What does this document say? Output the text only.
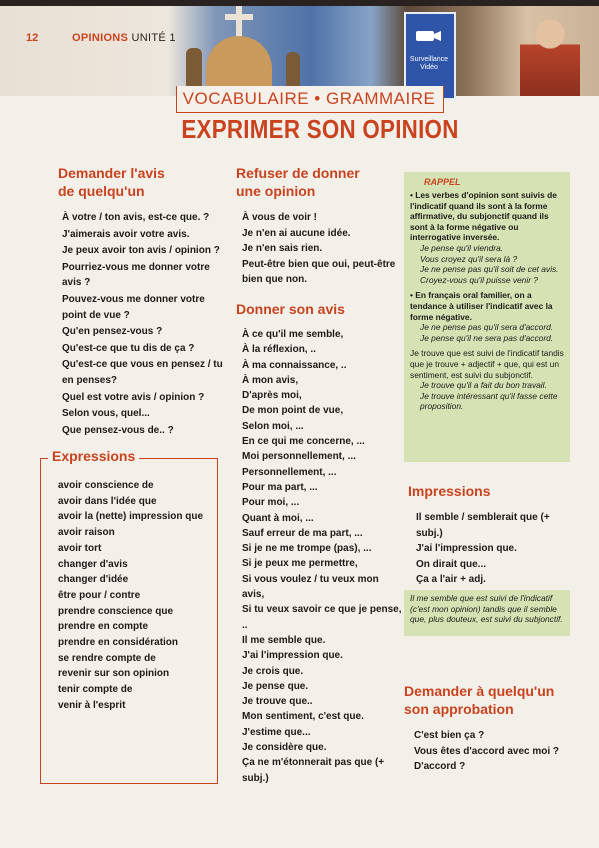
Surveillance
Vidéo
12	OPINIONS UNITÉ 1
VOCABULAIRE • GRAMMAIRE
EXPRIMER SON OPINION
Demander l'avis
de quelqu'un
À votre / ton avis, est-ce que. ?
J'aimerais avoir votre avis.
Je peux avoir ton avis / opinion ?
Pourriez-vous me donner votre avis ?
Pouvez-vous me donner votre point de vue ?
Qu'en pensez-vous ?
Qu'est-ce que tu dis de ça ?
Qu'est-ce que vous en pensez / tu en penses?
Quel est votre avis / opinion ?
Selon vous, quel...
Que pensez-vous de.. ?
Expressions
avoir conscience de
avoir dans l'idée que
avoir la (nette) impression que
avoir raison
avoir tort
changer d'avis
changer d'idée
être pour / contre
prendre conscience que
prendre en compte
prendre en considération
se rendre compte de
revenir sur son opinion
tenir compte de
venir à l'esprit
Refuser de donner
une opinion
À vous de voir !
Je n'en ai aucune idée.
Je n'en sais rien.
Peut-être bien que oui, peut-être bien que non.
Donner son avis
À ce qu'il me semble,
À la réflexion, ..
À ma connaissance, ..
À mon avis,
D'après moi,
De mon point de vue,
Selon moi, ...
En ce qui me concerne, ...
Moi personnellement, ...
Personnellement, ...
Pour ma part, ...
Pour moi, ...
Quant à moi, ...
Sauf erreur de ma part, ...
Si je ne me trompe (pas), ...
Si je peux me permettre,
Si vous voulez / tu veux mon avis,
Si tu veux savoir ce que je pense, ..
Il me semble que.
J'ai l'impression que.
Je crois que.
Je pense que.
Je trouve que..
Mon sentiment, c'est que.
J'estime que...
Je considère que.
Ça ne m'étonnerait pas que (+ subj.)
RAPPEL
• Les verbes d'opinion sont suivis de l'indicatif quand ils sont à la forme affirmative, du subjonctif quand ils sont à la forme négative ou interrogative inversée.
Je pense qu'il viendra.
Vous croyez qu'il sera là ?
Je ne pense pas qu'il soit de cet avis.
Croyez-vous qu'il puisse venir ?
• En français oral familier, on a tendance à utiliser l'indicatif avec la forme négative.
Je ne pense pas qu'il sera d'accord.
Je pense qu'il ne sera pas d'accord.
Je trouve que est suivi de l'indicatif tandis que je trouve + adjectif + que, qui est un sentiment, est suivi du subjonctif.
Je trouve qu'il a fait du bon travail.
Je trouve intéressant qu'il fasse cette proposition.
Impressions
Il semble / semblerait que (+ subj.)
J'ai l'impression que.
On dirait que...
Ça a l'air + adj.
Il me semble que est suivi de l'indicatif (c'est mon opinion) tandis que il semble que, plus douteux, est suivi du subjonctif.
Demander à quelqu'un
son approbation
C'est bien ça ?
Vous êtes d'accord avec moi ?
D'accord ?
